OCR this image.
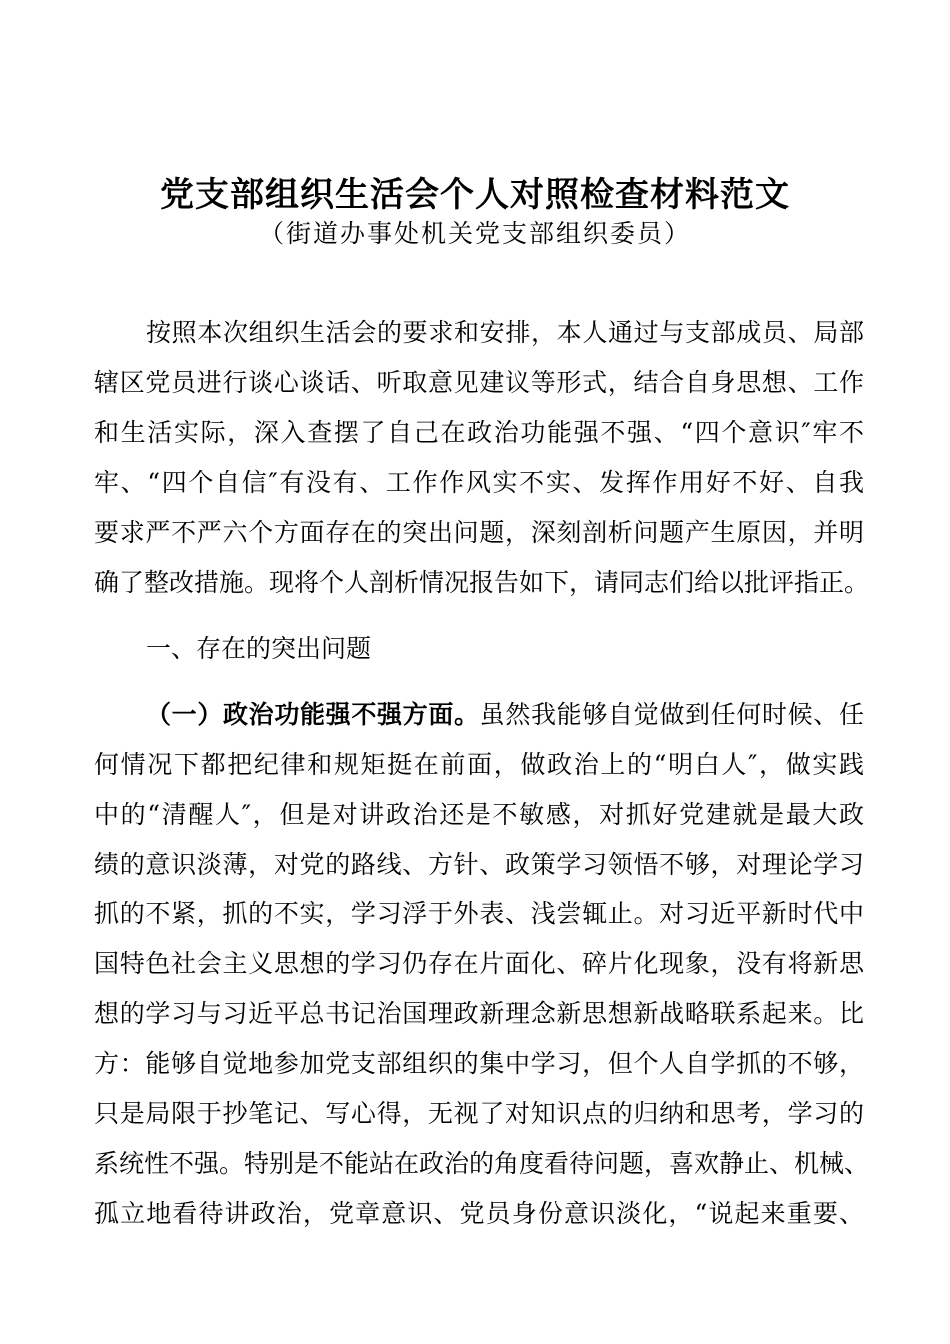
党支部组织生活会个人对照检查材料范文
（街道办事处机关党支部组织委员）
按照本次组织生活会的要求和安排，本人通过与支部成员、局部
辖区党员进行谈心谈话、听取意见建议等形式，结合自身思想、工作
和生活实际，深入查摆了自己在政治功能强不强、“四个意识″牢不
牢、“四个自信″有没有、工作作风实不实、发挥作用好不好、自我
要求严不严六个方面存在的突出问题，深刻剖析问题产生原因，并明
确了整改措施。现将个人剖析情况报告如下，请同志们给以批评指正。
一、存在的突出问题
（一）政治功能强不强方面。虽然我能够自觉做到任何时候、任
何情况下都把纪律和规矩挺在前面，做政治上的“明白人″，做实践
中的“清醒人″，但是对讲政治还是不敏感，对抓好党建就是最大政
绩的意识淡薄，对党的路线、方针、政策学习领悟不够，对理论学习
抓的不紧，抓的不实，学习浮于外表、浅尝辄止。对习近平新时代中
国特色社会主义思想的学习仍存在片面化、碎片化现象，没有将新思
想的学习与习近平总书记治国理政新理念新思想新战略联系起来。比
方：能够自觉地参加党支部组织的集中学习，但个人自学抓的不够，
只是局限于抄笔记、写心得，无视了对知识点的归纳和思考，学习的
系统性不强。特别是不能站在政治的角度看待问题，喜欢静止、机械、
孤立地看待讲政治，党章意识、党员身份意识淡化，“说起来重要、
